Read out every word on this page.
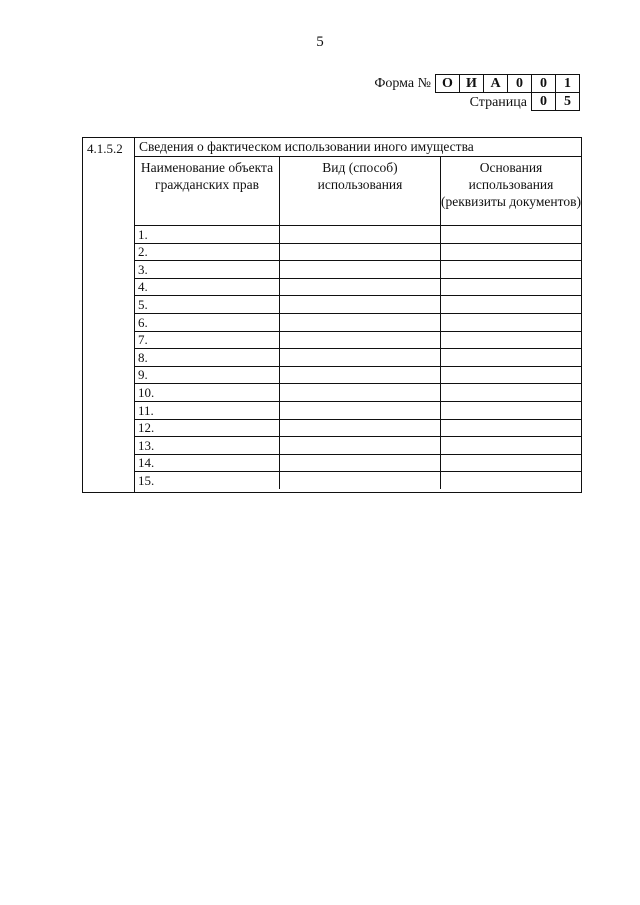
5
Форма № О И А	0	0	1
Страница 0	5
4.1.5.2	Сведения о фактическом использовании иного имущества
Наименование объекта гражданских прав	Вид (способ) использования	Основания использования (реквизиты документов)
1.		
2.		
3.		
4.		
5.		
6.		
7.		
8.		
9.		
10.		
11.		
12.		
13.		
14.		
15.		
